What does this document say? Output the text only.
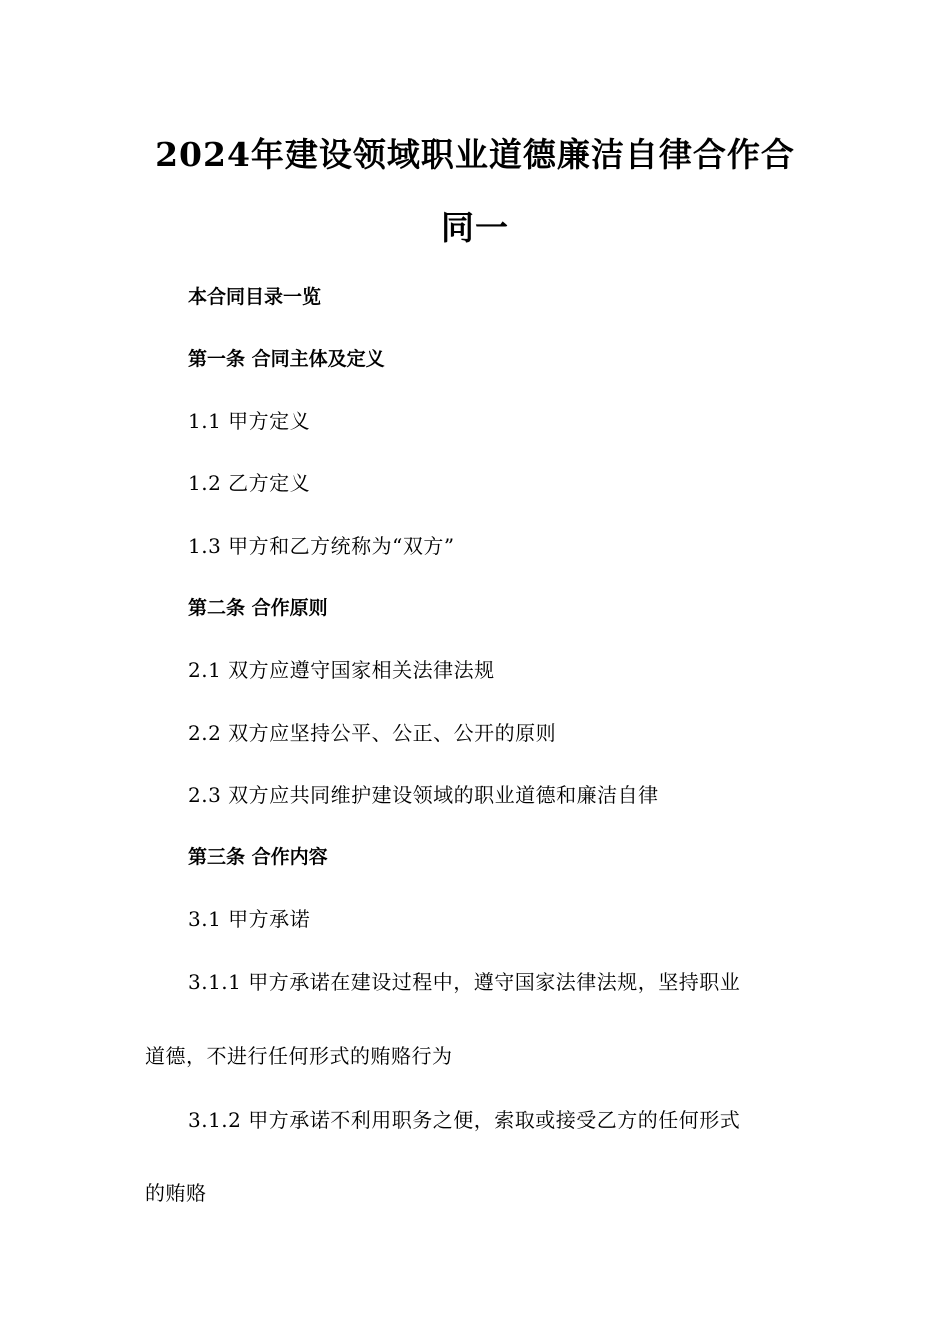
2024年建设领域职业道德廉洁自律合作合
同一
本合同目录一览
第一条 合同主体及定义
1.1 甲方定义
1.2 乙方定义
1.3 甲方和乙方统称为“双方”
第二条 合作原则
2.1 双方应遵守国家相关法律法规
2.2 双方应坚持公平、公正、公开的原则
2.3 双方应共同维护建设领域的职业道德和廉洁自律
第三条 合作内容
3.1 甲方承诺
3.1.1 甲方承诺在建设过程中，遵守国家法律法规，坚持职业
道德，不进行任何形式的贿赂行为
3.1.2 甲方承诺不利用职务之便，索取或接受乙方的任何形式
的贿赂
